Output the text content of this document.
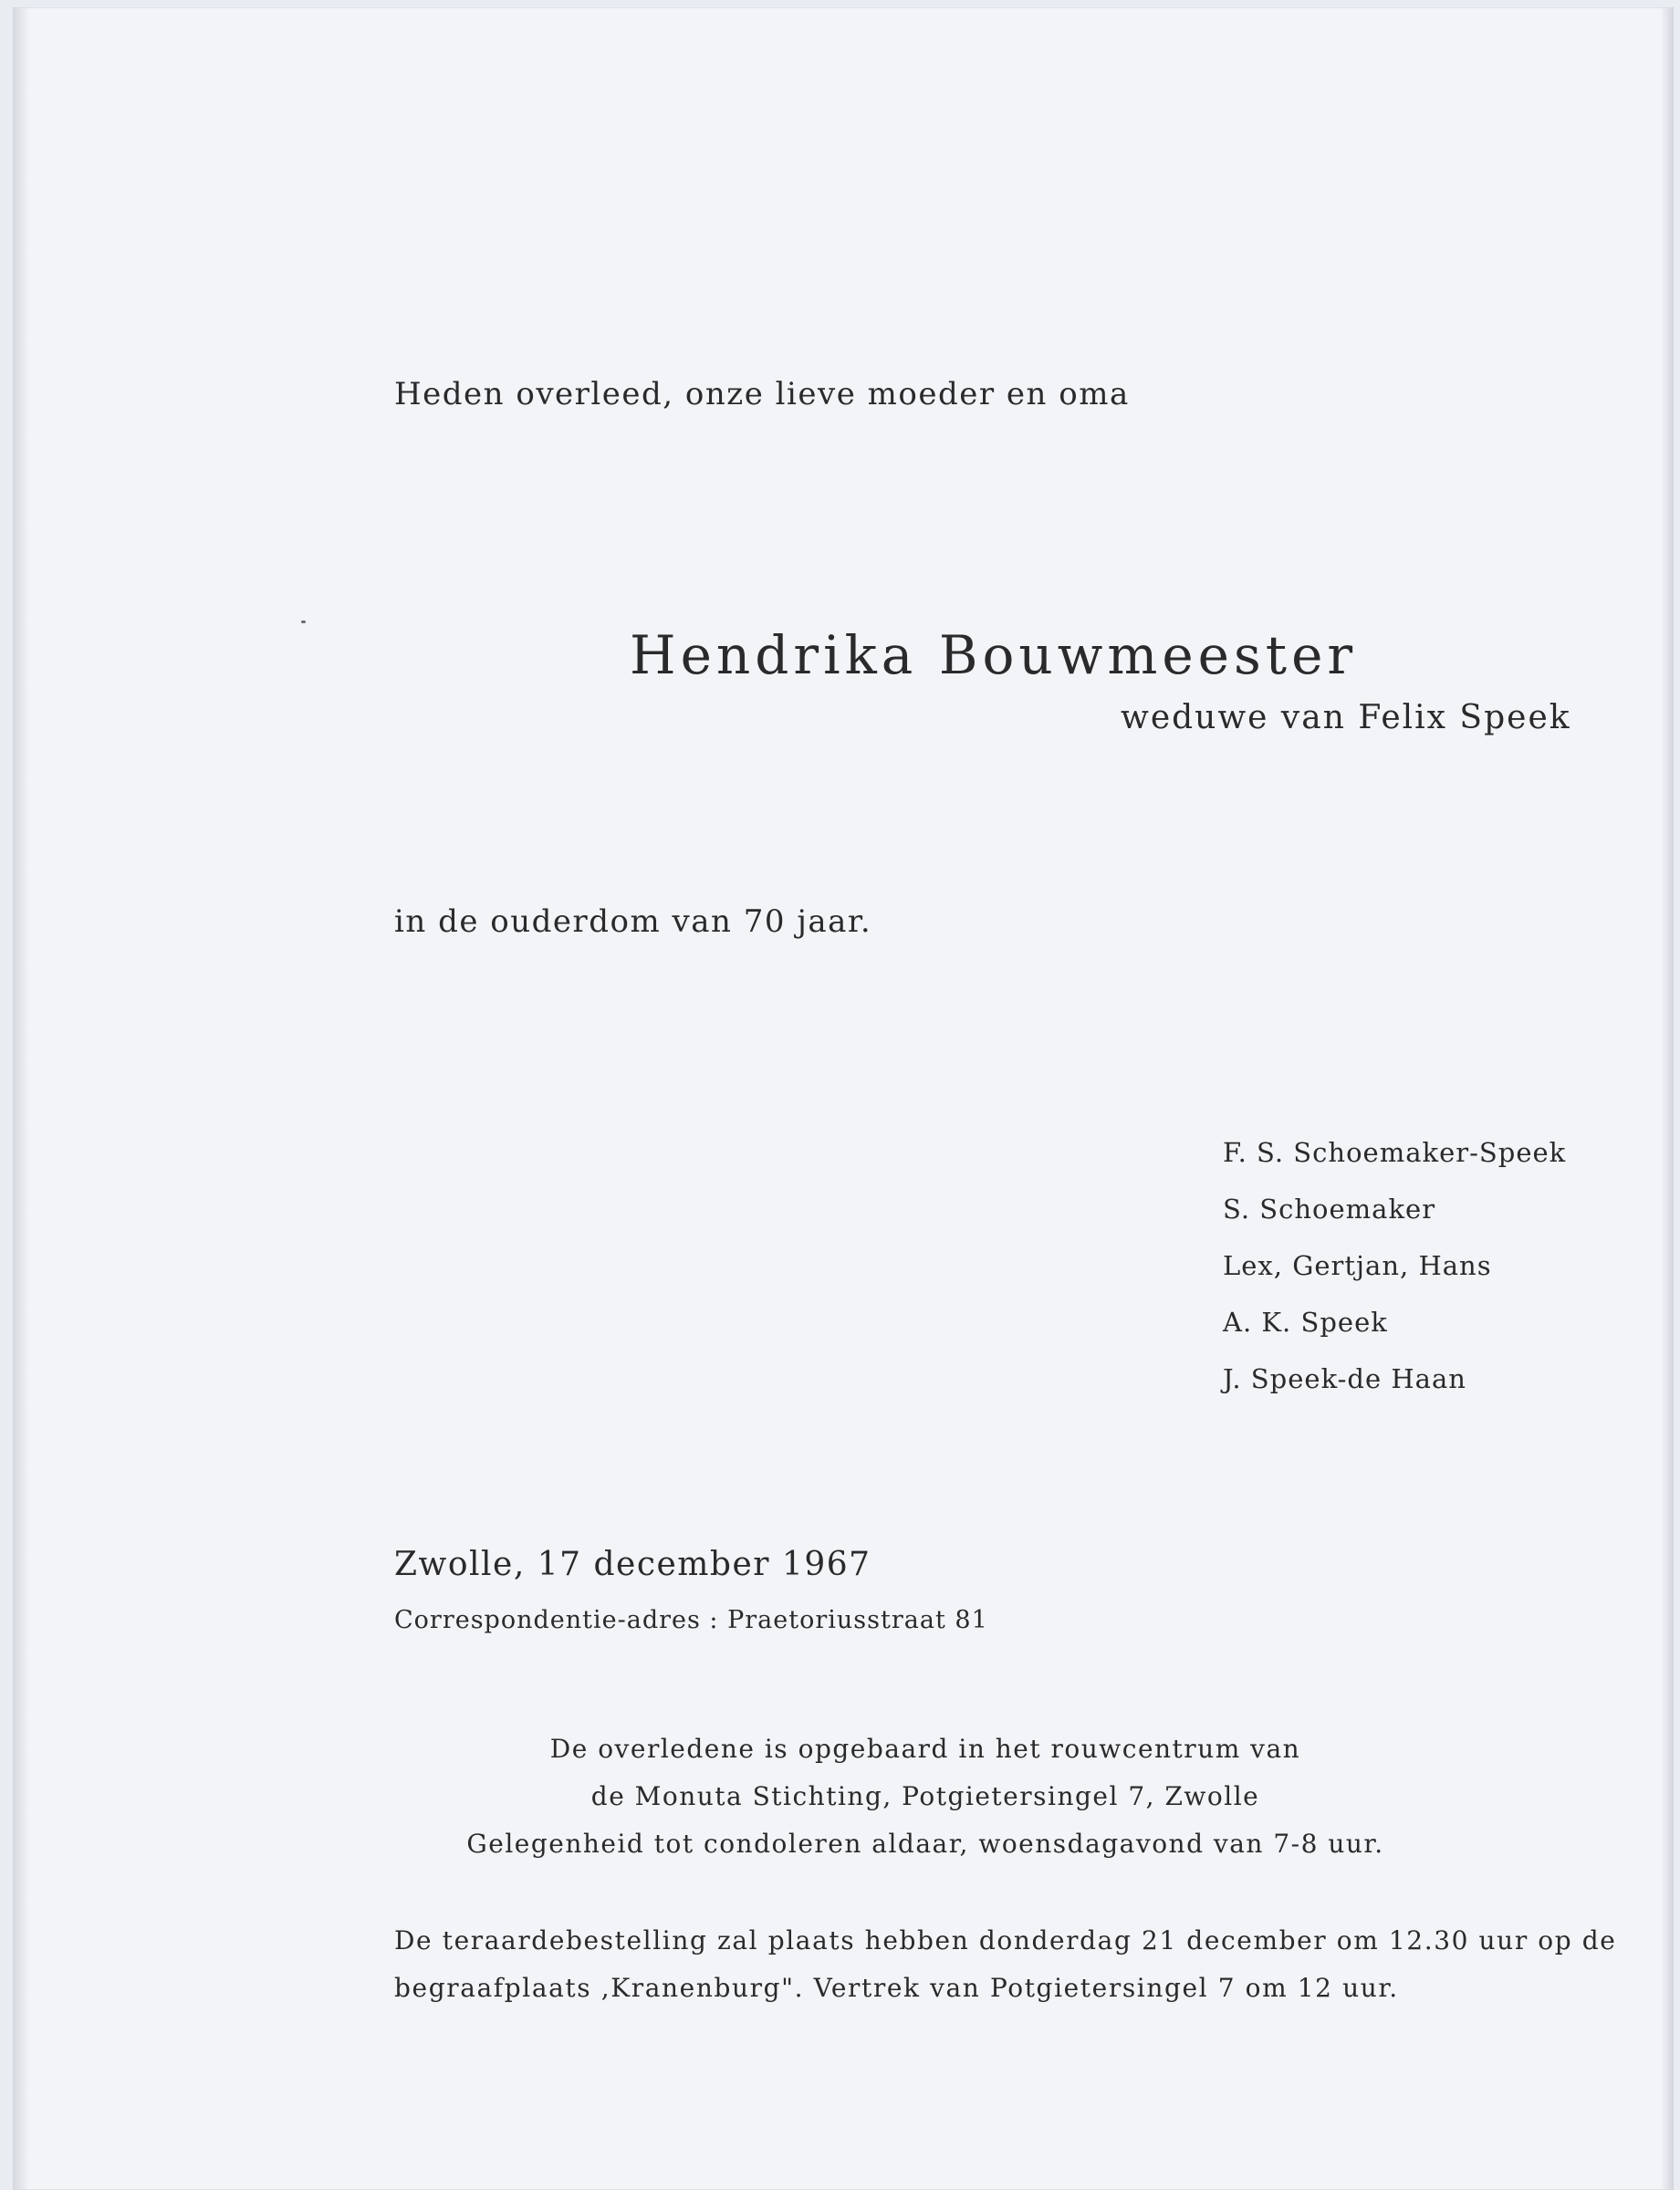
Heden overleed, onze lieve moeder en oma
Hendrika Bouwmeester
weduwe van Felix Speek
in de ouderdom van 70 jaar.
F. S. Schoemaker-Speek
S. Schoemaker
Lex, Gertjan, Hans
A. K. Speek
J. Speek-de Haan
Zwolle, 17 december 1967
Correspondentie-adres : Praetoriusstraat 81
De overledene is opgebaard in het rouwcentrum van
de Monuta Stichting, Potgietersingel 7, Zwolle
Gelegenheid tot condoleren aldaar, woensdagavond van 7-8 uur.
De teraardebestelling zal plaats hebben donderdag 21 december om 12.30 uur op de
begraafplaats ,Kranenburg". Vertrek van Potgietersingel 7 om 12 uur.
